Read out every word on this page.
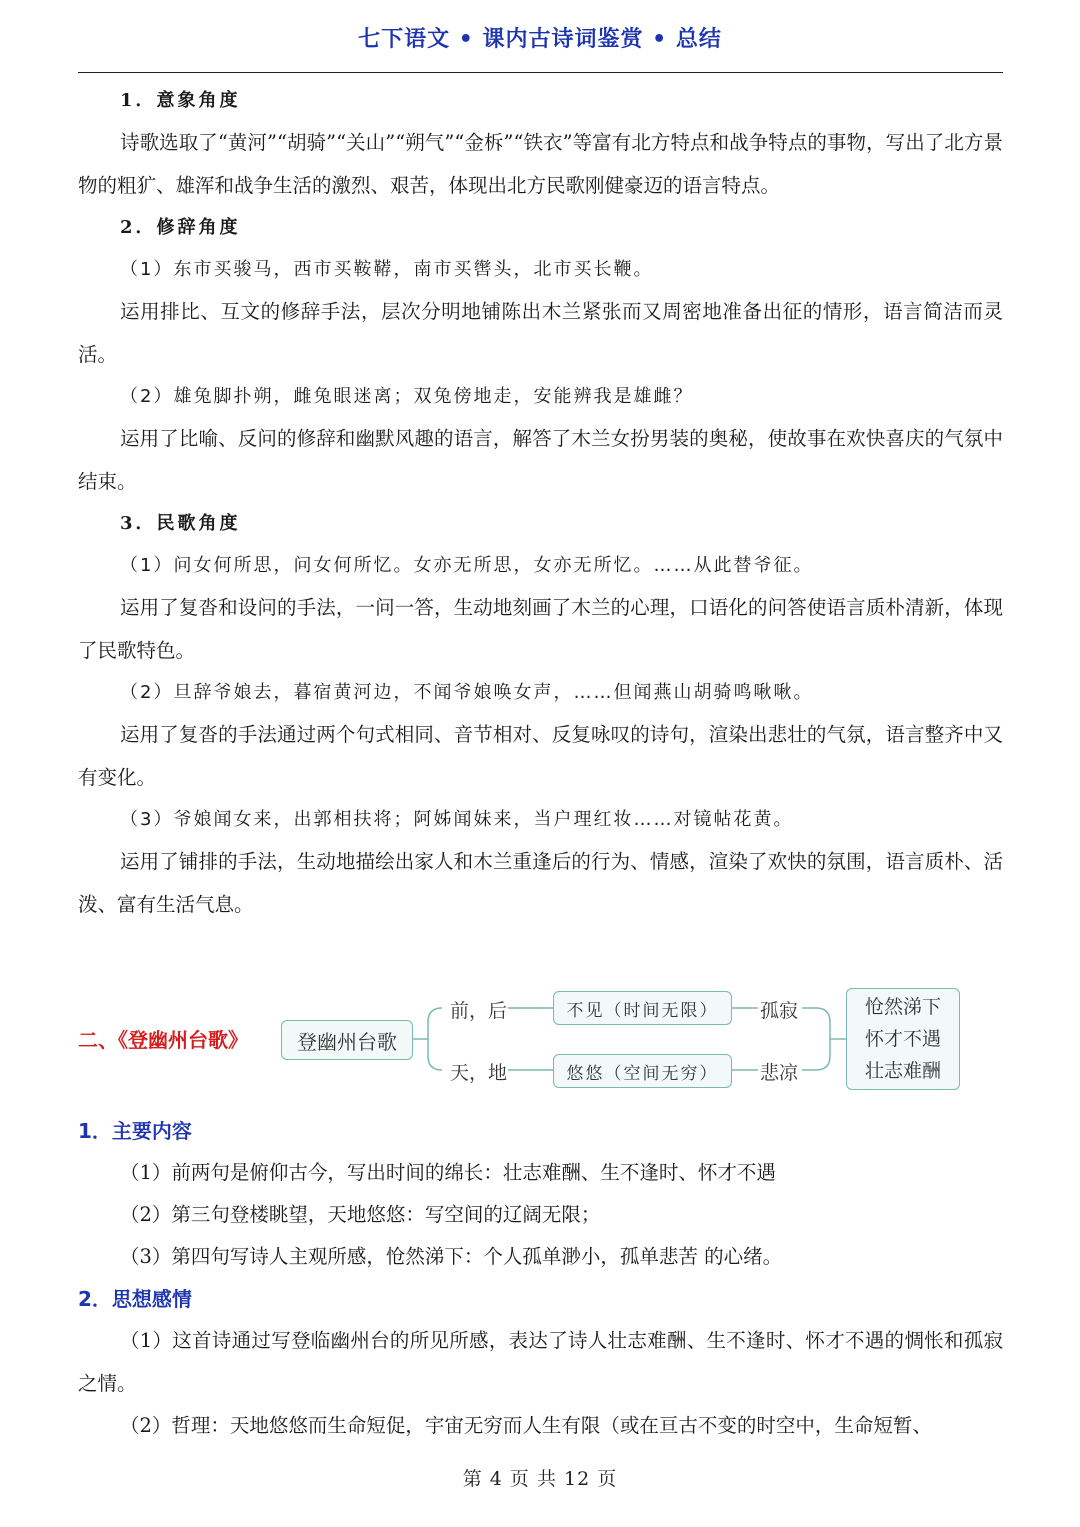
七下语文 • 课内古诗词鉴赏 • 总结

1．意象角度

诗歌选取了“黄河”“胡骑”“关山”“朔气”“金柝”“铁衣”等富有北方特点和战争特点的事物，写出了北方景物的粗犷、雄浑和战争生活的激烈、艰苦，体现出北方民歌刚健豪迈的语言特点。

2．修辞角度

（1）东市买骏马，西市买鞍鞯，南市买辔头，北市买长鞭。

运用排比、互文的修辞手法，层次分明地铺陈出木兰紧张而又周密地准备出征的情形，语言简洁而灵活。

（2）雄兔脚扑朔，雌兔眼迷离；双兔傍地走，安能辨我是雄雌？

运用了比喻、反问的修辞和幽默风趣的语言，解答了木兰女扮男装的奥秘，使故事在欢快喜庆的气氛中结束。

3．民歌角度

（1）问女何所思，问女何所忆。女亦无所思，女亦无所忆。……从此替爷征。

运用了复沓和设问的手法，一问一答，生动地刻画了木兰的心理，口语化的问答使语言质朴清新，体现了民歌特色。

（2）旦辞爷娘去，暮宿黄河边，不闻爷娘唤女声，……但闻燕山胡骑鸣啾啾。

运用了复沓的手法通过两个句式相同、音节相对、反复咏叹的诗句，渲染出悲壮的气氛，语言整齐中又有变化。

（3）爷娘闻女来，出郭相扶将；阿姊闻妹来，当户理红妆……对镜帖花黄。

运用了铺排的手法，生动地描绘出家人和木兰重逢后的行为、情感，渲染了欢快的氛围，语言质朴、活泼、富有生活气息。

二、《登幽州台歌》	登幽州台歌
前，后
天，地
不见（时间无限）
悠悠（空间无穷）
孤寂
悲凉
怆然涕下
怀才不遇
壮志难酬

1．主要内容

（1）前两句是俯仰古今，写出时间的绵长：壮志难酬、生不逢时、怀才不遇

（2）第三句登楼眺望，天地悠悠：写空间的辽阔无限；

（3）第四句写诗人主观所感，怆然涕下：个人孤单渺小，孤单悲苦 的心绪。

2．思想感情

（1）这首诗通过写登临幽州台的所见所感，表达了诗人壮志难酬、生不逢时、怀才不遇的惆怅和孤寂之情。

（2）哲理：天地悠悠而生命短促，宇宙无穷而人生有限（或在亘古不变的时空中，生命短暂、

第 4 页 共 12 页
